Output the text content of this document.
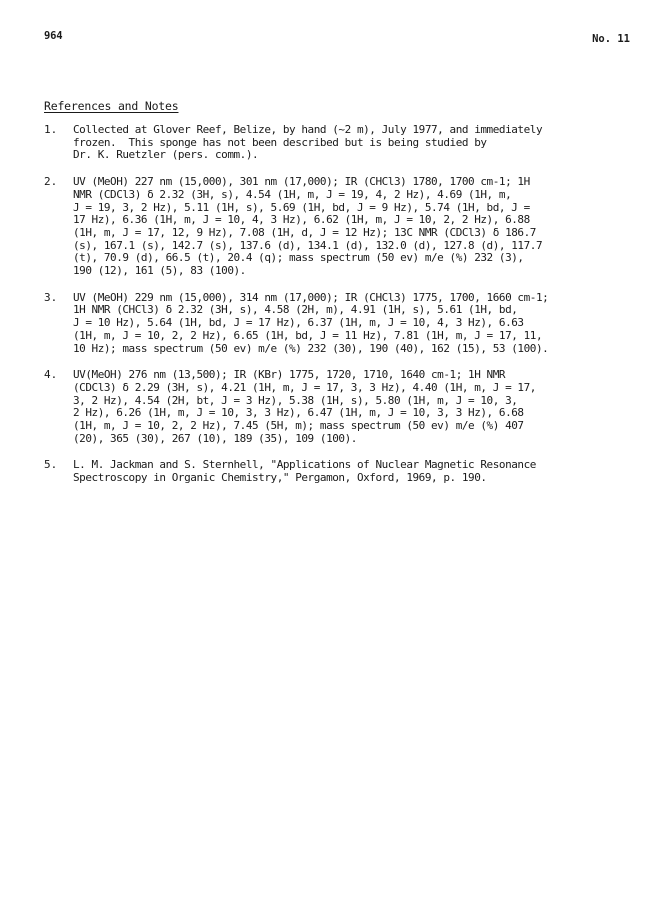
964	No. 11
References and Notes
1. Collected at Glover Reef, Belize, by hand (~2 m), July 1977, and immediately
frozen.  This sponge has not been described but is being studied by
Dr. K. Ruetzler (pers. comm.).
2. UV (MeOH) 227 nm (15,000), 301 nm (17,000); IR (CHCl3) 1780, 1700 cm-1; 1H
NMR (CDCl3) δ 2.32 (3H, s), 4.54 (1H, m, J = 19, 4, 2 Hz), 4.69 (1H, m,
J = 19, 3, 2 Hz), 5.11 (1H, s), 5.69 (1H, bd, J = 9 Hz), 5.74 (1H, bd, J =
17 Hz), 6.36 (1H, m, J = 10, 4, 3 Hz), 6.62 (1H, m, J = 10, 2, 2 Hz), 6.88
(1H, m, J = 17, 12, 9 Hz), 7.08 (1H, d, J = 12 Hz); 13C NMR (CDCl3) δ 186.7
(s), 167.1 (s), 142.7 (s), 137.6 (d), 134.1 (d), 132.0 (d), 127.8 (d), 117.7
(t), 70.9 (d), 66.5 (t), 20.4 (q); mass spectrum (50 ev) m/e (%) 232 (3),
190 (12), 161 (5), 83 (100).
3. UV (MeOH) 229 nm (15,000), 314 nm (17,000); IR (CHCl3) 1775, 1700, 1660 cm-1;
1H NMR (CHCl3) δ 2.32 (3H, s), 4.58 (2H, m), 4.91 (1H, s), 5.61 (1H, bd,
J = 10 Hz), 5.64 (1H, bd, J = 17 Hz), 6.37 (1H, m, J = 10, 4, 3 Hz), 6.63
(1H, m, J = 10, 2, 2 Hz), 6.65 (1H, bd, J = 11 Hz), 7.81 (1H, m, J = 17, 11,
10 Hz); mass spectrum (50 ev) m/e (%) 232 (30), 190 (40), 162 (15), 53 (100).
4. UV(MeOH) 276 nm (13,500); IR (KBr) 1775, 1720, 1710, 1640 cm-1; 1H NMR
(CDCl3) δ 2.29 (3H, s), 4.21 (1H, m, J = 17, 3, 3 Hz), 4.40 (1H, m, J = 17,
3, 2 Hz), 4.54 (2H, bt, J = 3 Hz), 5.38 (1H, s), 5.80 (1H, m, J = 10, 3,
2 Hz), 6.26 (1H, m, J = 10, 3, 3 Hz), 6.47 (1H, m, J = 10, 3, 3 Hz), 6.68
(1H, m, J = 10, 2, 2 Hz), 7.45 (5H, m); mass spectrum (50 ev) m/e (%) 407
(20), 365 (30), 267 (10), 189 (35), 109 (100).
5. L. M. Jackman and S. Sternhell, "Applications of Nuclear Magnetic Resonance
Spectroscopy in Organic Chemistry," Pergamon, Oxford, 1969, p. 190.
